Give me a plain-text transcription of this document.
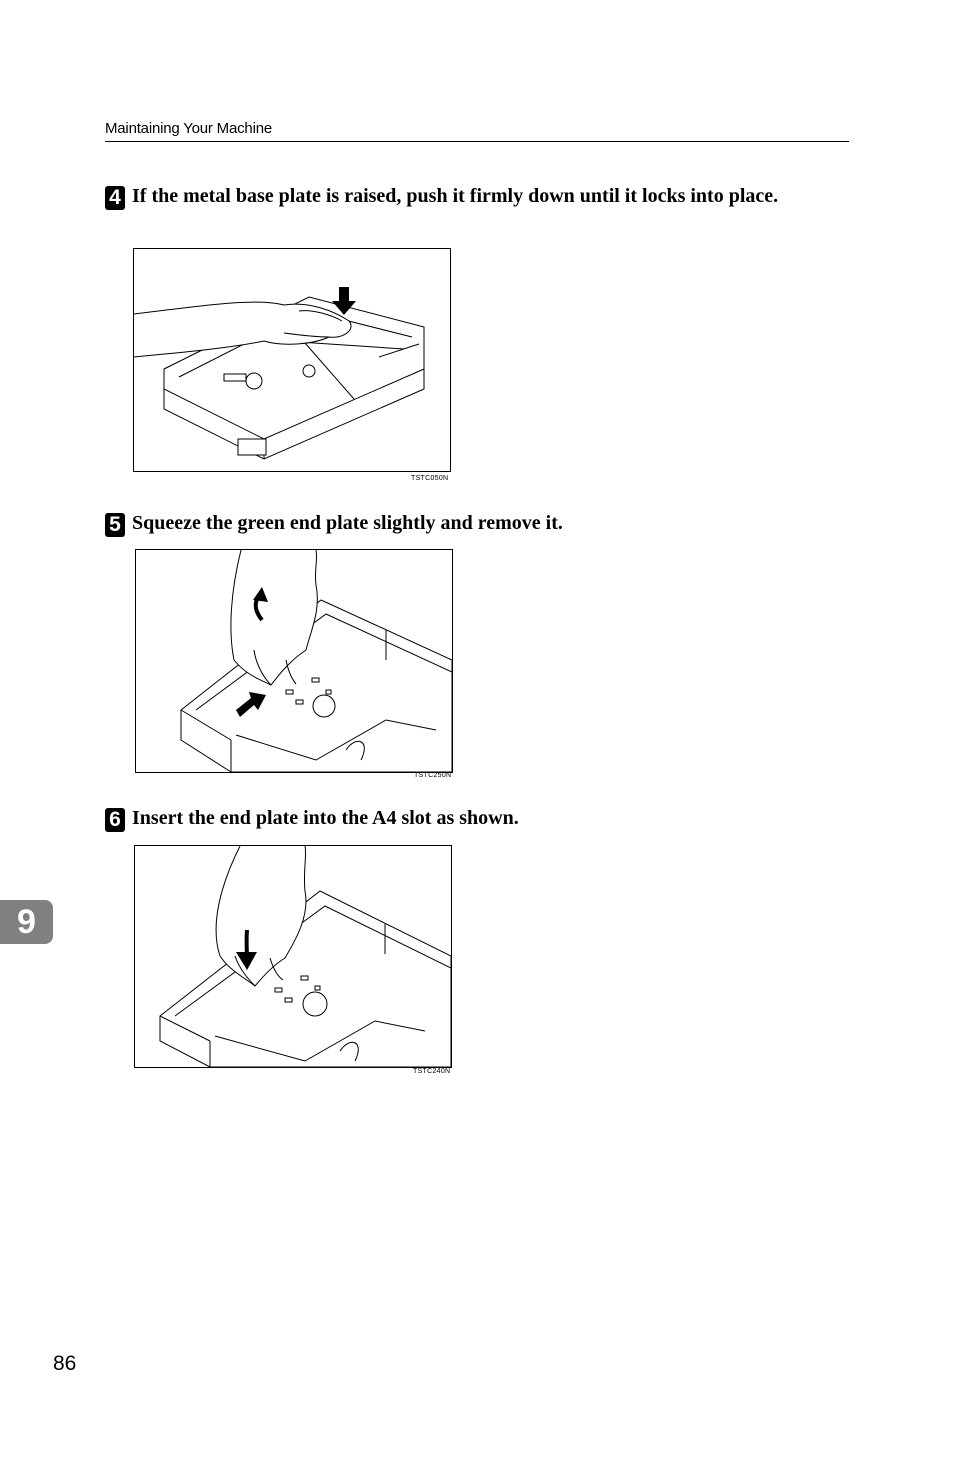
Maintaining Your Machine
4 If the metal base plate is raised, push it firmly down until it locks into place.
TSTC050N
5 Squeeze the green end plate slightly and remove it.
TSTC250N
6 Insert the end plate into the A4 slot as shown.
TSTC240N
9
86
